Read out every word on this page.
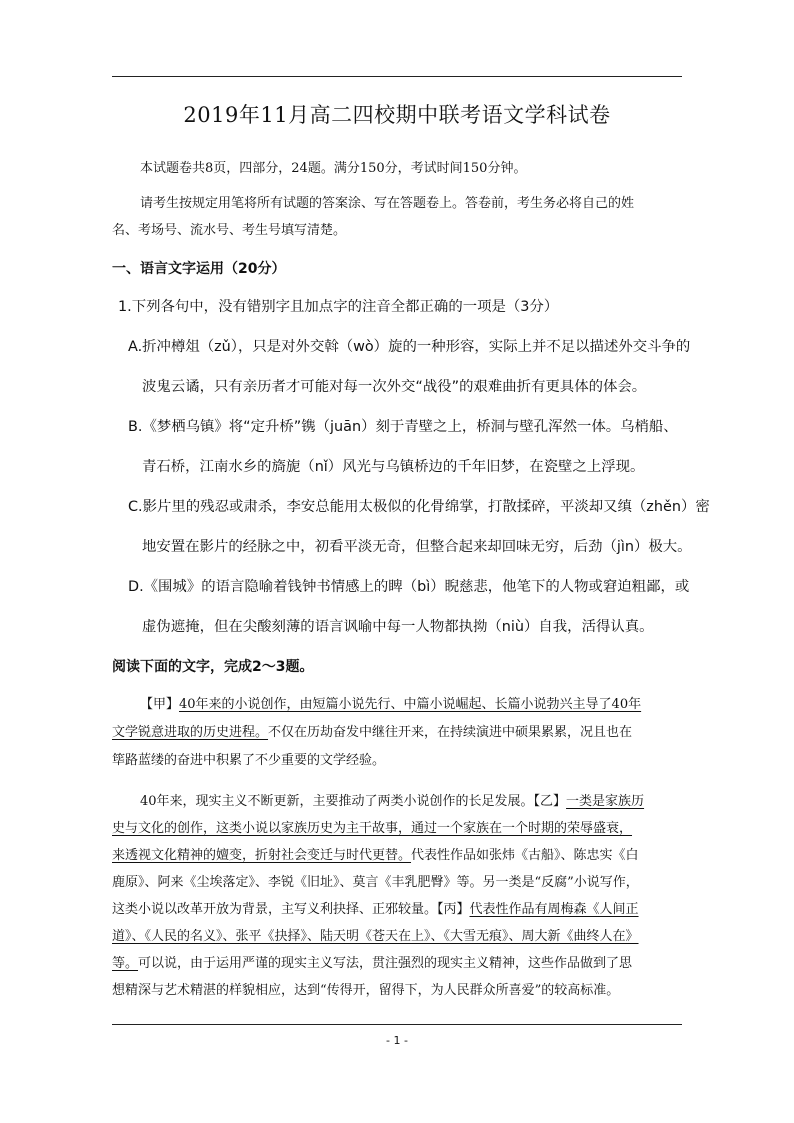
2019年11月高二四校期中联考语文学科试卷
本试题卷共8页，四部分，24题。满分150分，考试时间150分钟。
请考生按规定用笔将所有试题的答案涂、写在答题卷上。答卷前，考生务必将自己的姓
名、考场号、流水号、考生号填写清楚。
一、语言文字运用（20分）
1.下列各句中，没有错别字且加点字的注音全都正确的一项是（3分）
A.折冲樽俎（zǔ），只是对外交斡（wò）旋的一种形容，实际上并不足以描述外交斗争的
波鬼云谲，只有亲历者才可能对每一次外交“战役”的艰难曲折有更具体的体会。
B.《梦栖乌镇》将“定升桥”镌（juān）刻于青壁之上，桥洞与壁孔浑然一体。乌梢船、
青石桥，江南水乡的旖旎（nǐ）风光与乌镇桥边的千年旧梦，在瓷壁之上浮现。
C.影片里的残忍或肃杀，李安总能用太极似的化骨绵掌，打散揉碎，平淡却又缜（zhěn）密
地安置在影片的经脉之中，初看平淡无奇，但整合起来却回味无穷，后劲（jìn）极大。
D.《围城》的语言隐喻着钱钟书情感上的睥（bì）睨慈悲，他笔下的人物或窘迫粗鄙，或
虚伪遮掩，但在尖酸刻薄的语言讽喻中每一人物都执拗（niù）自我，活得认真。
阅读下面的文字，完成2～3题。
【甲】40年来的小说创作，由短篇小说先行、中篇小说崛起、长篇小说勃兴主导了40年
文学锐意进取的历史进程。不仅在历劫奋发中继往开来，在持续演进中硕果累累，况且也在
筚路蓝缕的奋进中积累了不少重要的文学经验。
40年来，现实主义不断更新，主要推动了两类小说创作的长足发展。【乙】一类是家族历
史与文化的创作，这类小说以家族历史为主干故事，通过一个家族在一个时期的荣辱盛衰，
来透视文化精神的嬗变，折射社会变迁与时代更替。代表性作品如张炜《古船》、陈忠实《白
鹿原》、阿来《尘埃落定》、李锐《旧址》、莫言《丰乳肥臀》等。另一类是“反腐”小说写作，
这类小说以改革开放为背景，主写义利抉择、正邪较量。【丙】代表性作品有周梅森《人间正
道》、《人民的名义》、张平《抉择》、陆天明《苍天在上》、《大雪无痕》、周大新《曲终人在》
等。可以说，由于运用严谨的现实主义写法，贯注强烈的现实主义精神，这些作品做到了思
想精深与艺术精湛的样貌相应，达到“传得开，留得下，为人民群众所喜爱”的较高标准。
- 1 -
